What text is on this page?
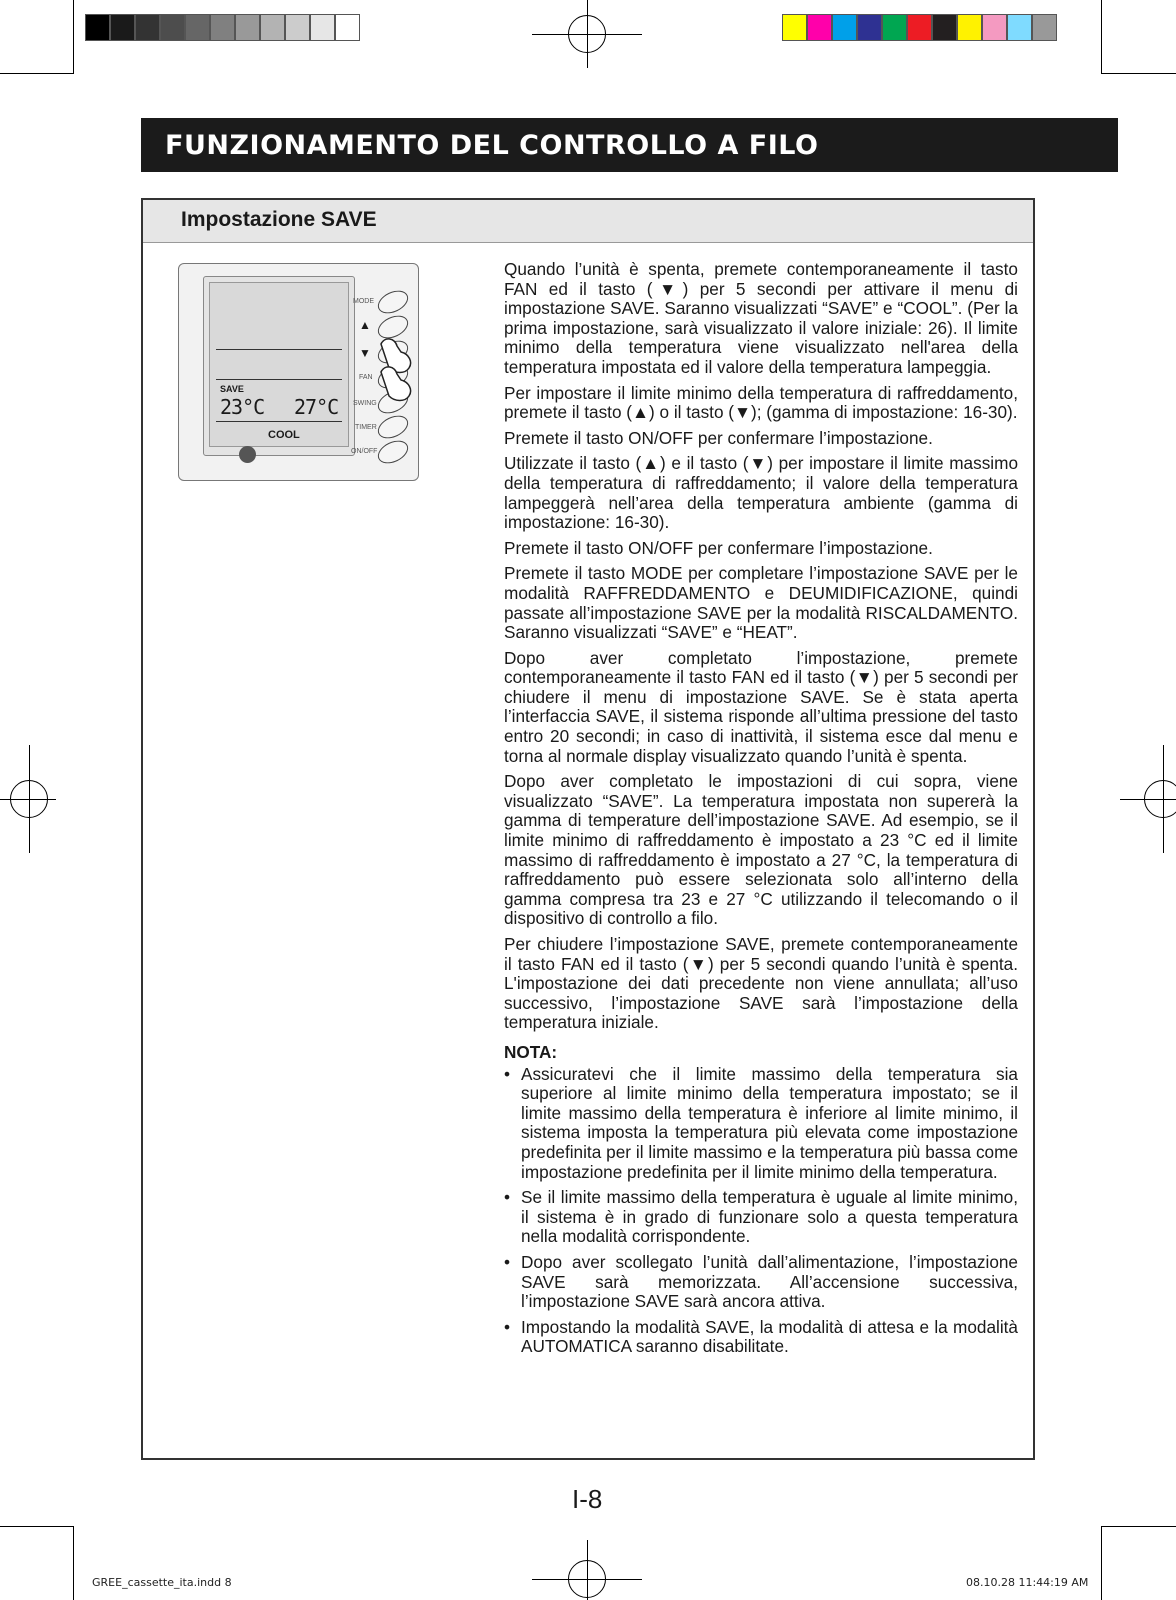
FUNZIONAMENTO DEL CONTROLLO A FILO
Impostazione SAVE
SAVE
23°C 27°C
COOL
MODE
▲
▼
FAN
SWING
TIMER
ON/OFF

Quando l’unità è spenta, premete contemporaneamente il tasto FAN ed il tasto (▼) per 5 secondi per attivare il menu di impostazione SAVE. Saranno visualizzati “SAVE” e “COOL”. (Per la prima impostazione, sarà visualizzato il valore iniziale: 26). Il limite minimo della temperatura viene visualizzato nell'area della temperatura impostata ed il valore della temperatura lampeggia.

Per impostare il limite minimo della temperatura di raffreddamento, premete il tasto (▲) o il tasto (▼); (gamma di impostazione: 16-30).

Premete il tasto ON/OFF per confermare l’impostazione.

Utilizzate il tasto (▲) e il tasto (▼) per impostare il limite massimo della temperatura di raffreddamento; il valore della temperatura lampeggerà nell’area della temperatura ambiente (gamma di impostazione: 16-30).

Premete il tasto ON/OFF per confermare l’impostazione.

Premete il tasto MODE per completare l’impostazione SAVE per le modalità RAFFREDDAMENTO e DEUMIDIFICAZIONE, quindi passate all’impostazione SAVE per la modalità RISCALDAMENTO. Saranno visualizzati “SAVE” e “HEAT”.

Dopo aver completato l’impostazione, premete contemporaneamente il tasto FAN ed il tasto (▼) per 5 secondi per chiudere il menu di impostazione SAVE. Se è stata aperta l’interfaccia SAVE, il sistema risponde all’ultima pressione del tasto entro 20 secondi; in caso di inattività, il sistema esce dal menu e torna al normale display visualizzato quando l’unità è spenta.

Dopo aver completato le impostazioni di cui sopra, viene visualizzato “SAVE”. La temperatura impostata non supererà la gamma di temperature dell’impostazione SAVE. Ad esempio, se il limite minimo di raffreddamento è impostato a 23 °C ed il limite massimo di raffreddamento è impostato a 27 °C, la temperatura di raffreddamento può essere selezionata solo all’interno della gamma compresa tra 23 e 27 °C utilizzando il telecomando o il dispositivo di controllo a filo.

Per chiudere l’impostazione SAVE, premete contemporaneamente il tasto FAN ed il tasto (▼) per 5 secondi quando l’unità è spenta. L'impostazione dei dati precedente non viene annullata; all’uso successivo, l’impostazione SAVE sarà l’impostazione della temperatura iniziale.

NOTA:
• Assicuratevi che il limite massimo della temperatura sia superiore al limite minimo della temperatura impostato; se il limite massimo della temperatura è inferiore al limite minimo, il sistema imposta la temperatura più elevata come impostazione predefinita per il limite massimo e la temperatura più bassa come impostazione predefinita per il limite minimo della temperatura.
• Se il limite massimo della temperatura è uguale al limite minimo, il sistema è in grado di funzionare solo a questa temperatura nella modalità corrispondente.
• Dopo aver scollegato l’unità dall’alimentazione, l’impostazione SAVE sarà memorizzata. All’accensione successiva, l’impostazione SAVE sarà ancora attiva.
• Impostando la modalità SAVE, la modalità di attesa e la modalità AUTOMATICA saranno disabilitate.
I-8
GREE_cassette_ita.indd 8	08.10.28 11:44:19 AM
